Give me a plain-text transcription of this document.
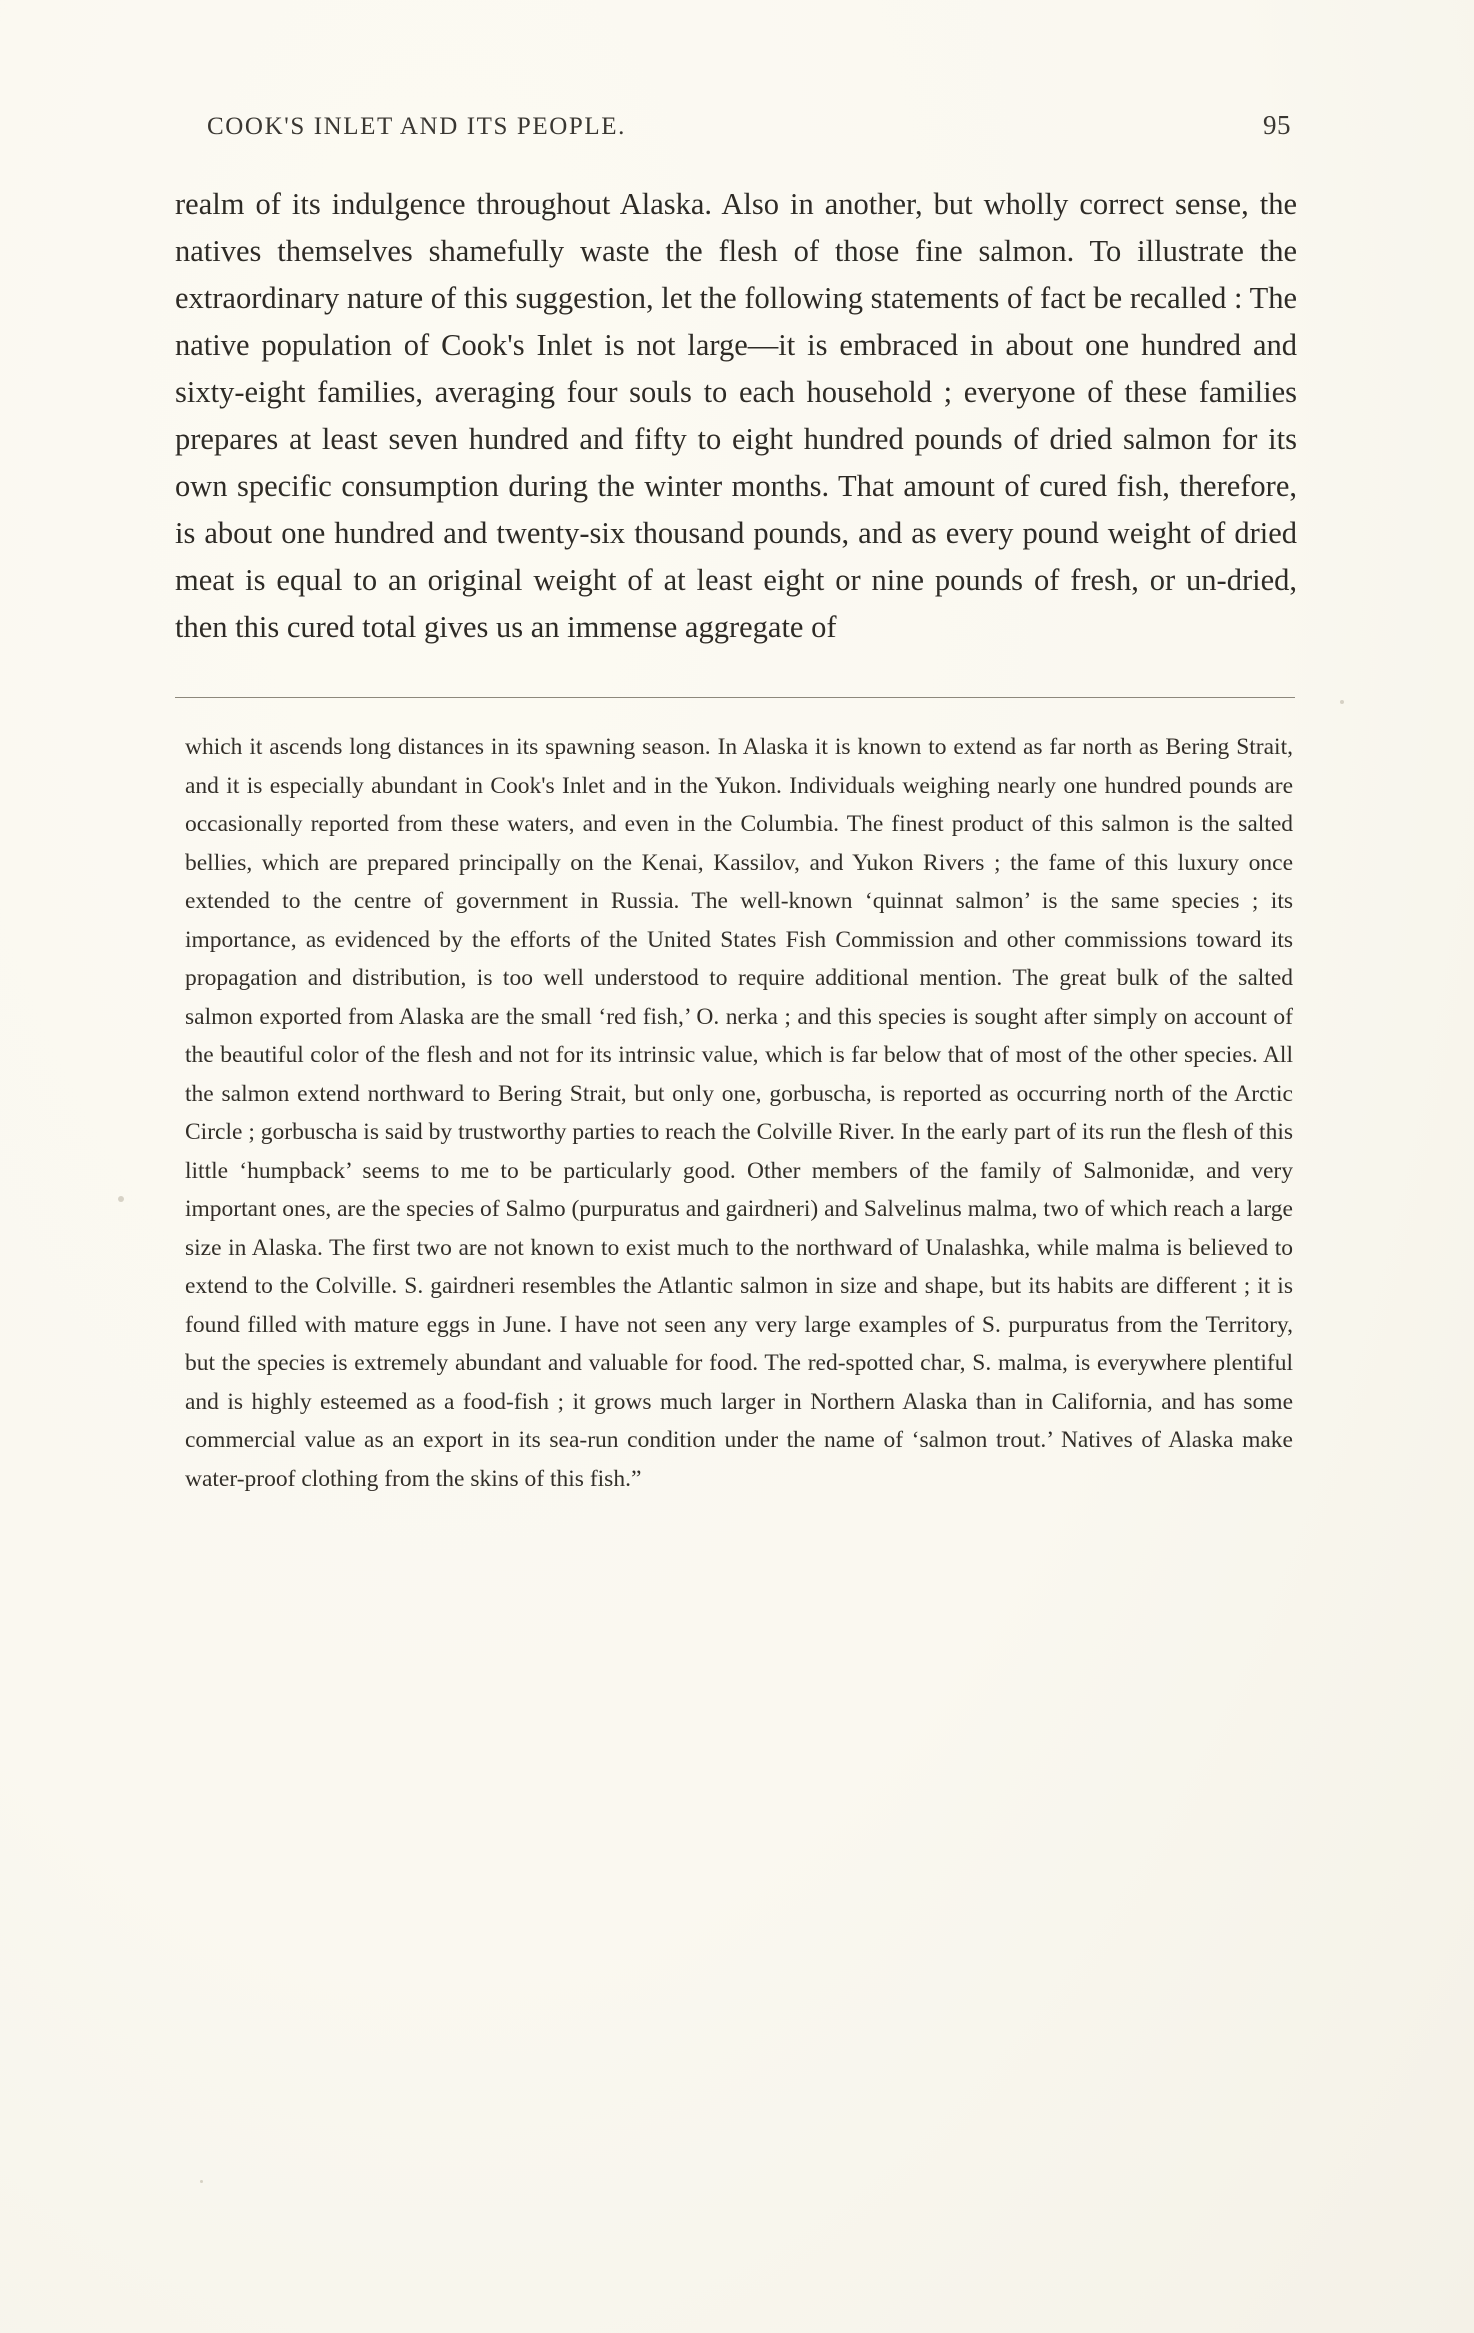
COOK'S INLET AND ITS PEOPLE.	95

realm of its indulgence throughout Alaska. Also in another, but wholly correct sense, the natives themselves shamefully waste the flesh of those fine salmon. To illustrate the extraordinary nature of this suggestion, let the following statements of fact be recalled : The native population of Cook's Inlet is not large—it is embraced in about one hundred and sixty-eight families, averaging four souls to each household ; everyone of these families prepares at least seven hundred and fifty to eight hundred pounds of dried salmon for its own specific consumption during the winter months. That amount of cured fish, therefore, is about one hundred and twenty-six thousand pounds, and as every pound weight of dried meat is equal to an original weight of at least eight or nine pounds of fresh, or un-dried, then this cured total gives us an immense aggregate of

which it ascends long distances in its spawning season. In Alaska it is known to extend as far north as Bering Strait, and it is especially abundant in Cook's Inlet and in the Yukon. Individuals weighing nearly one hundred pounds are occasionally reported from these waters, and even in the Columbia. The finest product of this salmon is the salted bellies, which are prepared principally on the Kenai, Kassilov, and Yukon Rivers ; the fame of this luxury once extended to the centre of government in Russia. The well-known ‘quinnat salmon’ is the same species ; its importance, as evidenced by the efforts of the United States Fish Commission and other commissions toward its propagation and distribution, is too well understood to require additional mention. The great bulk of the salted salmon exported from Alaska are the small ‘red fish,’ O. nerka ; and this species is sought after simply on account of the beautiful color of the flesh and not for its intrinsic value, which is far below that of most of the other species. All the salmon extend northward to Bering Strait, but only one, gorbuscha, is reported as occurring north of the Arctic Circle ; gorbuscha is said by trustworthy parties to reach the Colville River. In the early part of its run the flesh of this little ‘humpback’ seems to me to be particularly good. Other members of the family of Salmonidæ, and very important ones, are the species of Salmo (purpuratus and gairdneri) and Salvelinus malma, two of which reach a large size in Alaska. The first two are not known to exist much to the northward of Unalashka, while malma is believed to extend to the Colville. S. gairdneri resembles the Atlantic salmon in size and shape, but its habits are different ; it is found filled with mature eggs in June. I have not seen any very large examples of S. purpuratus from the Territory, but the species is extremely abundant and valuable for food. The red-spotted char, S. malma, is everywhere plentiful and is highly esteemed as a food-fish ; it grows much larger in Northern Alaska than in California, and has some commercial value as an export in its sea-run condition under the name of ‘salmon trout.’ Natives of Alaska make water-proof clothing from the skins of this fish.”
